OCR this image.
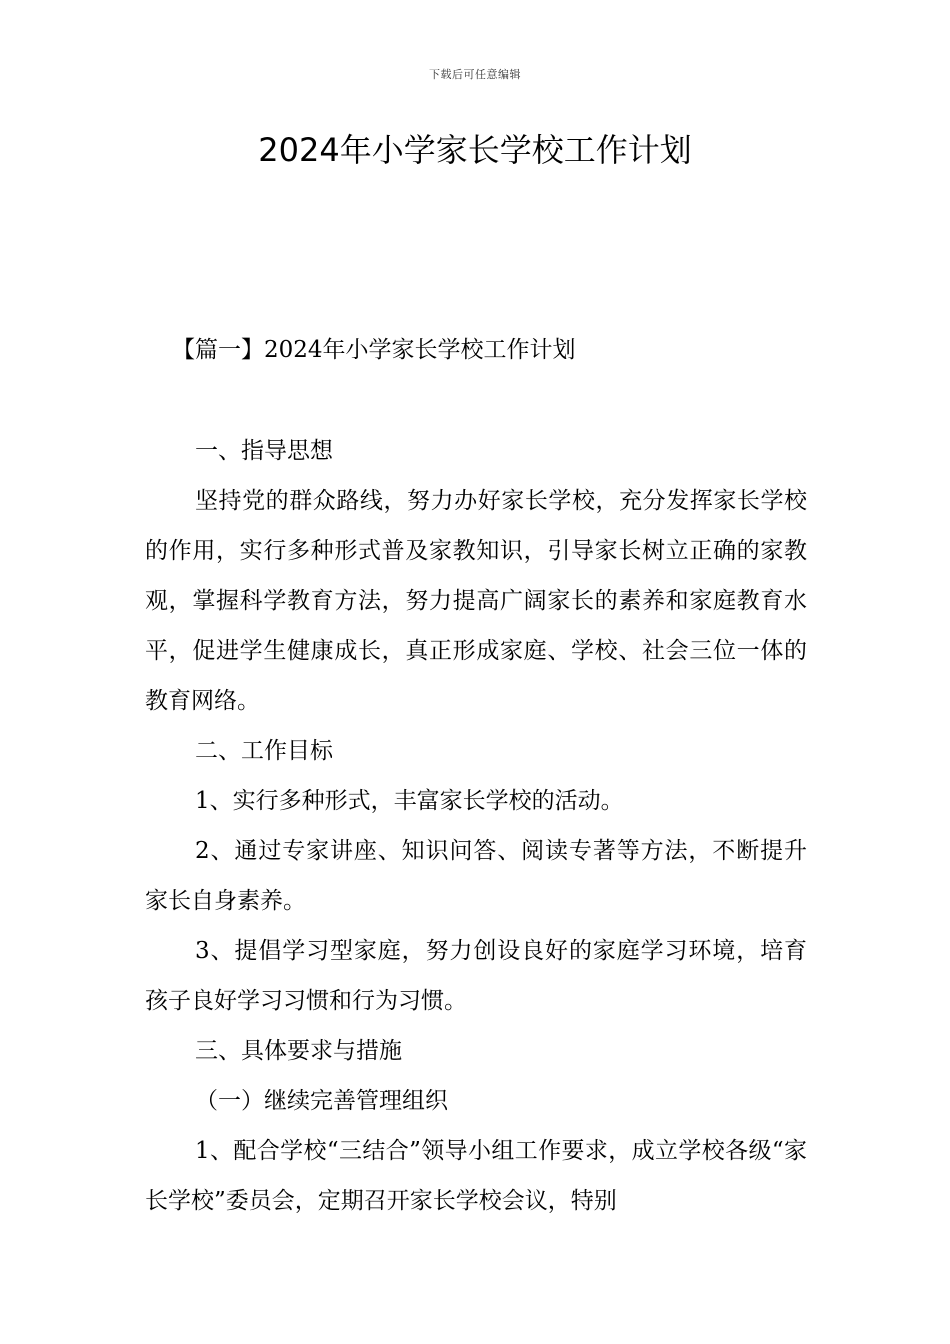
下载后可任意编辑
2024年小学家长学校工作计划
【篇一】2024年小学家长学校工作计划

一、指导思想

坚持党的群众路线，努力办好家长学校，充分发挥家长学校的作用，实行多种形式普及家教知识，引导家长树立正确的家教观，掌握科学教育方法，努力提高广阔家长的素养和家庭教育水平，促进学生健康成长，真正形成家庭、学校、社会三位一体的教育网络。

二、工作目标

1、实行多种形式，丰富家长学校的活动。

2、通过专家讲座、知识问答、阅读专著等方法，不断提升家长自身素养。

3、提倡学习型家庭，努力创设良好的家庭学习环境，培育孩子良好学习习惯和行为习惯。

三、具体要求与措施

（一）继续完善管理组织

1、配合学校“三结合”领导小组工作要求，成立学校各级“家长学校”委员会，定期召开家长学校会议，特别
